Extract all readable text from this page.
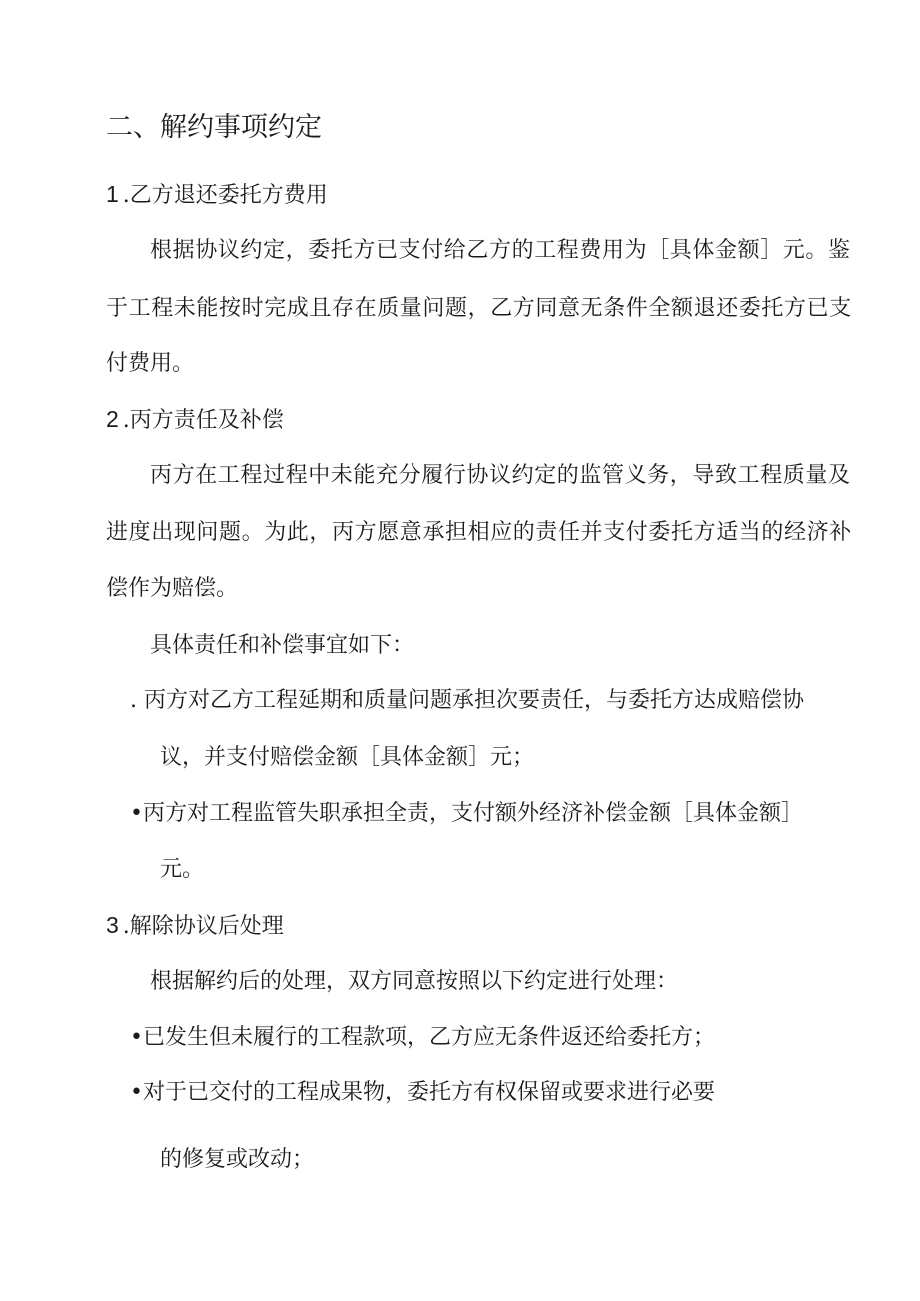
二、解约事项约定
1 .乙方退还委托方费用
根据协议约定，委托方已支付给乙方的工程费用为［具体金额］元。鉴
于工程未能按时完成且存在质量问题，乙方同意无条件全额退还委托方已支
付费用。
2 .丙方责任及补偿
丙方在工程过程中未能充分履行协议约定的监管义务，导致工程质量及
进度出现问题。为此，丙方愿意承担相应的责任并支付委托方适当的经济补
偿作为赔偿。
具体责任和补偿事宜如下：
. 丙方对乙方工程延期和质量问题承担次要责任，与委托方达成赔偿协
议，并支付赔偿金额［具体金额］元；
•丙方对工程监管失职承担全责，支付额外经济补偿金额［具体金额］
元。
3 .解除协议后处理
根据解约后的处理，双方同意按照以下约定进行处理：
•已发生但未履行的工程款项，乙方应无条件返还给委托方；
•对于已交付的工程成果物，委托方有权保留或要求进行必要
的修复或改动；
